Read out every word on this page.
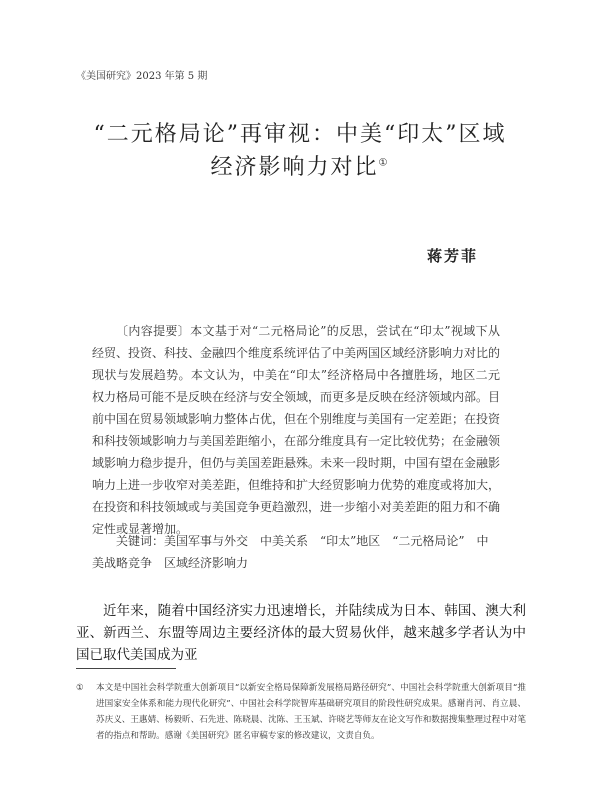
《美国研究》2023 年第 5 期
“二元格局论”再审视：中美“印太”区域
经济影响力对比①
蒋芳菲

〔内容提要〕本文基于对“二元格局论”的反思，尝试在“印太”视域下从经贸、投资、科技、金融四个维度系统评估了中美两国区域经济影响力对比的现状与发展趋势。本文认为，中美在“印太”经济格局中各擅胜场，地区二元权力格局可能不是反映在经济与安全领域，而更多是反映在经济领域内部。目前中国在贸易领域影响力整体占优，但在个别维度与美国有一定差距；在投资和科技领域影响力与美国差距缩小，在部分维度具有一定比较优势；在金融领域影响力稳步提升，但仍与美国差距悬殊。未来一段时期，中国有望在金融影响力上进一步收窄对美差距，但维持和扩大经贸影响力优势的难度或将加大，在投资和科技领域或与美国竞争更趋激烈，进一步缩小对美差距的阻力和不确定性或显著增加。

关键词：美国军事与外交　中美关系　“印太”地区　“二元格局论”　中美战略竞争　区域经济影响力

近年来，随着中国经济实力迅速增长，并陆续成为日本、韩国、澳大利亚、新西兰、东盟等周边主要经济体的最大贸易伙伴，越来越多学者认为中国已取代美国成为亚

① 本文是中国社会科学院重大创新项目“以新安全格局保障新发展格局路径研究”、中国社会科学院重大创新项目“推进国家安全体系和能力现代化研究”、中国社会科学院智库基础研究项目的阶段性研究成果。感谢肖河、肖立晨、苏庆义、王惠婧、杨毅昕、石先进、陈晓晨、沈陈、王玉斌、许晓艺等师友在论文写作和数据搜集整理过程中对笔者的指点和帮助。感谢《美国研究》匿名审稿专家的修改建议，文责自负。
